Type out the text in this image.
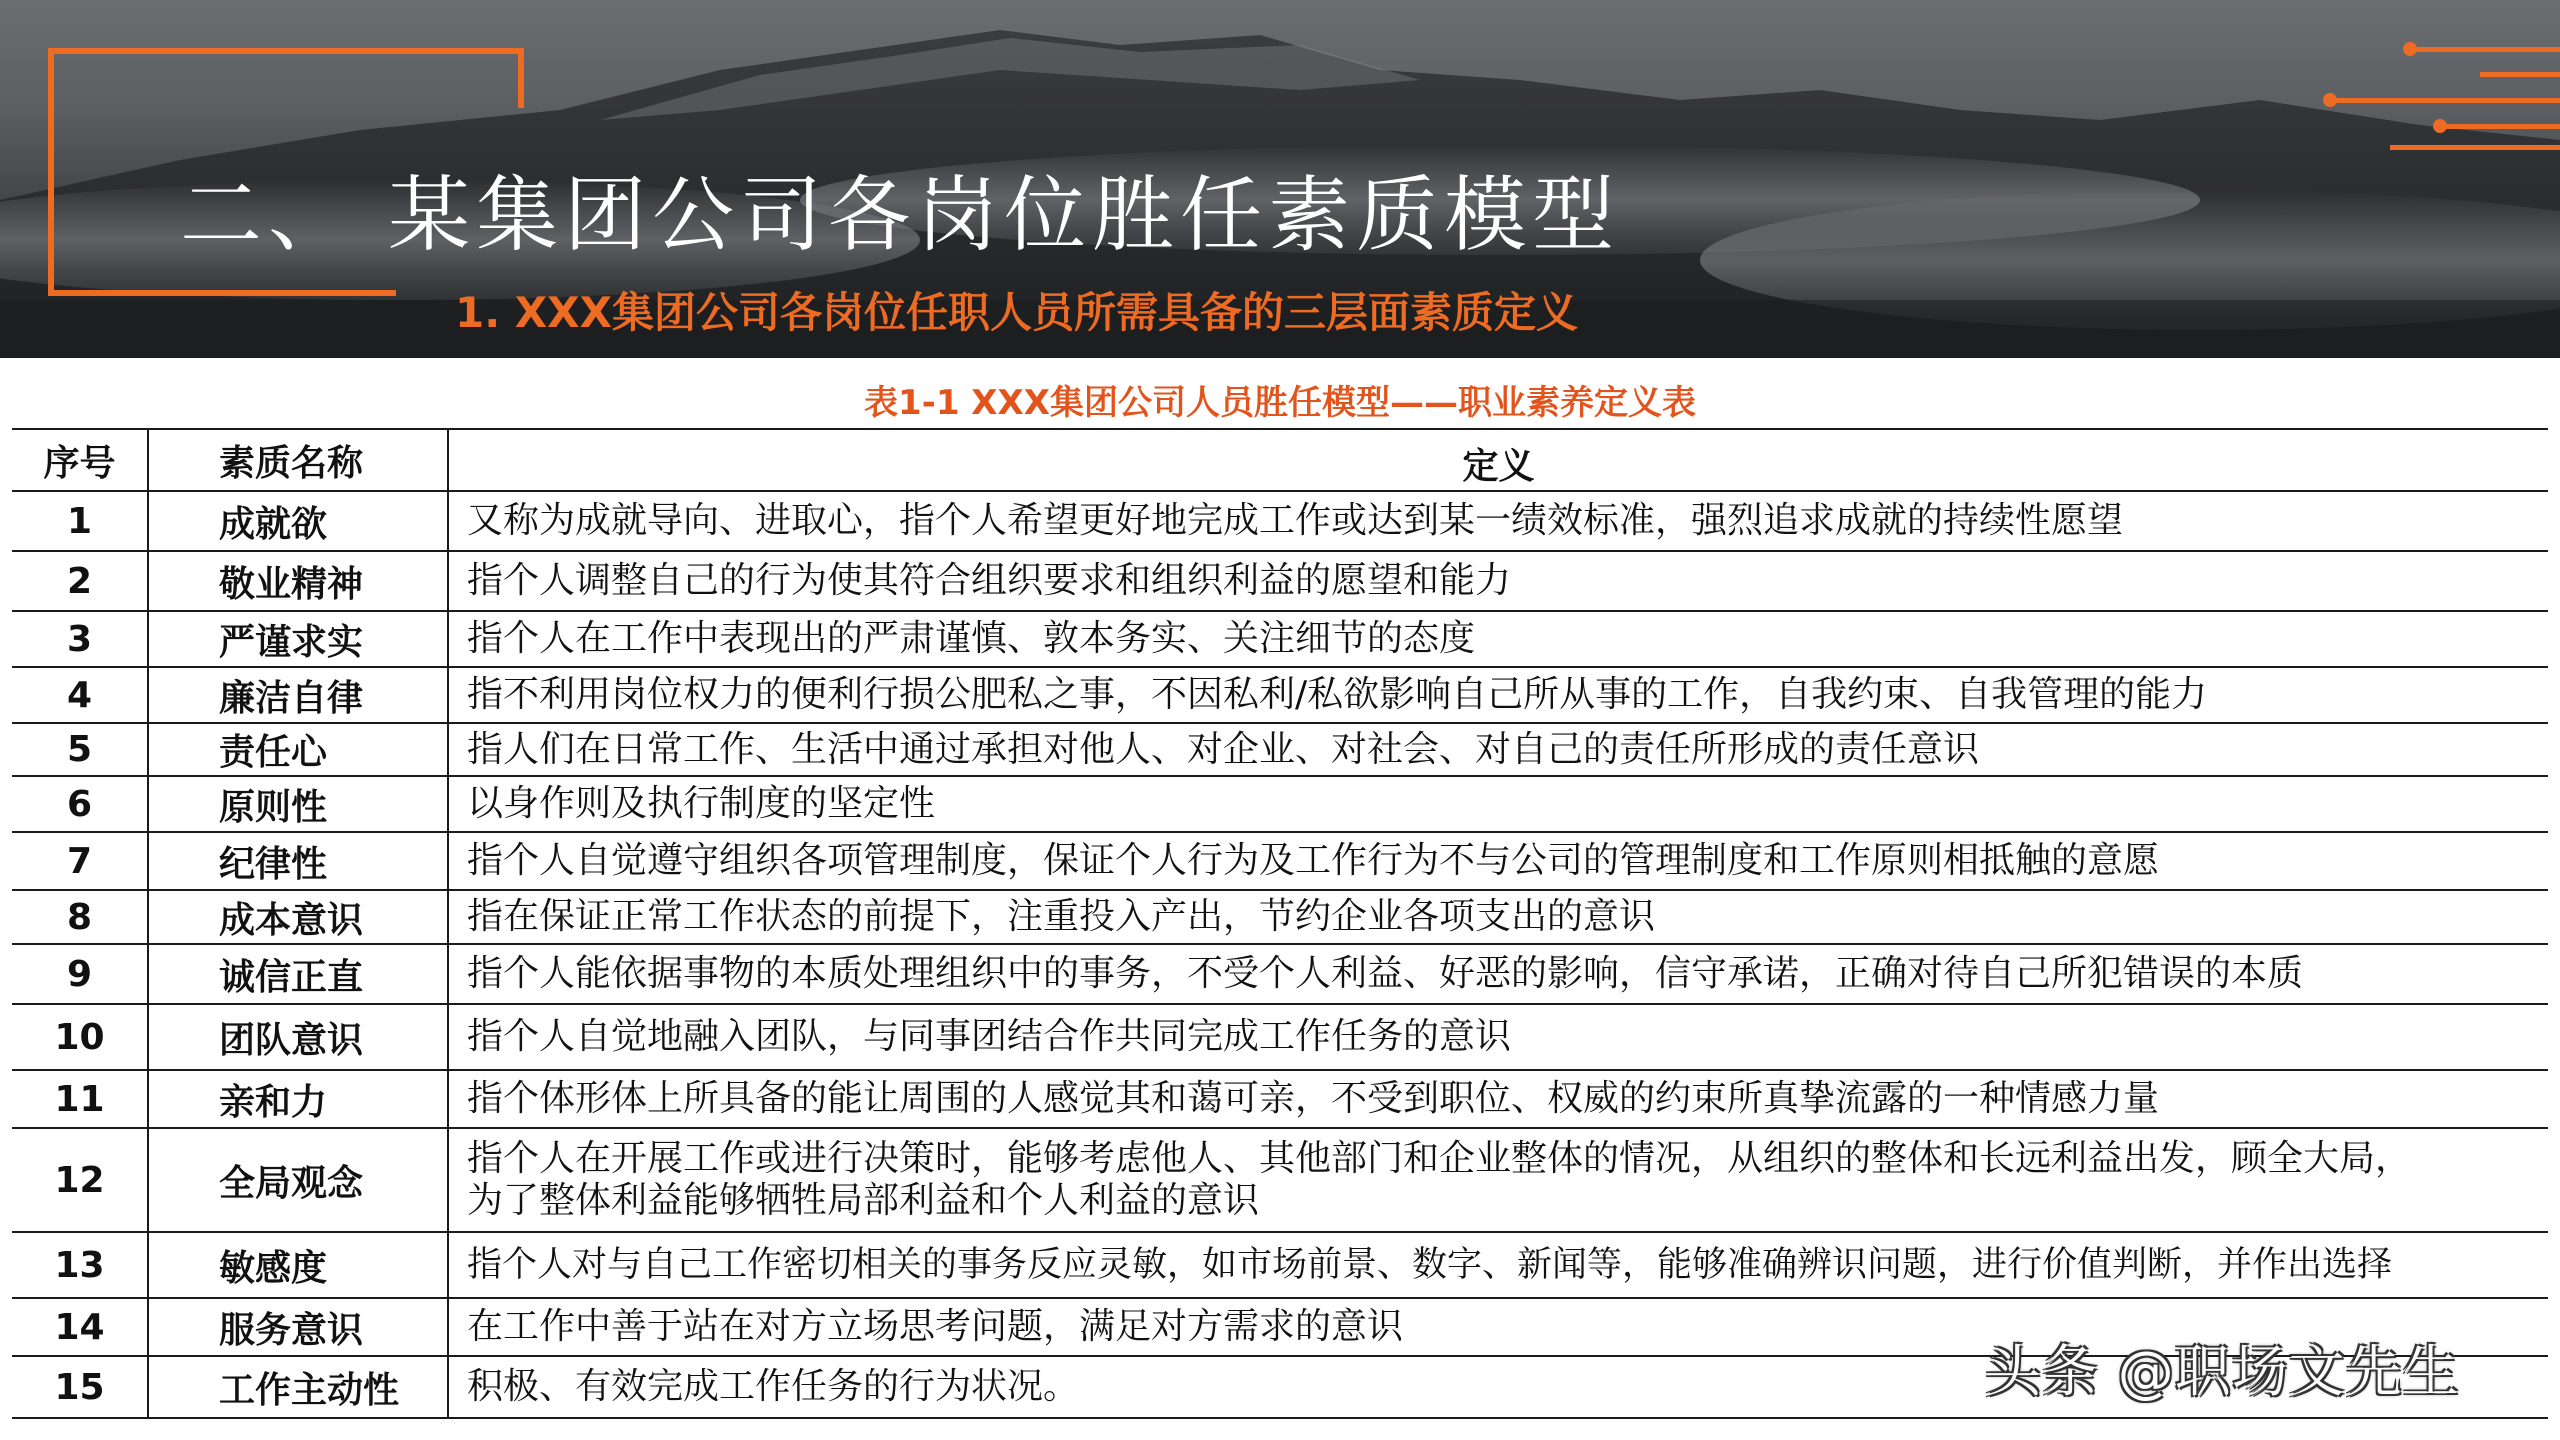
二、 某集团公司各岗位胜任素质模型
1. XXX集团公司各岗位任职人员所需具备的三层面素质定义
表1-1 XXX集团公司人员胜任模型——职业素养定义表
序号	素质名称	定义
1	成就欲	又称为成就导向、进取心，指个人希望更好地完成工作或达到某一绩效标准，强烈追求成就的持续性愿望
2	敬业精神	指个人调整自己的行为使其符合组织要求和组织利益的愿望和能力
3	严谨求实	指个人在工作中表现出的严肃谨慎、敦本务实、关注细节的态度
4	廉洁自律	指不利用岗位权力的便利行损公肥私之事，不因私利/私欲影响自己所从事的工作，自我约束、自我管理的能力
5	责任心	指人们在日常工作、生活中通过承担对他人、对企业、对社会、对自己的责任所形成的责任意识
6	原则性	以身作则及执行制度的坚定性
7	纪律性	指个人自觉遵守组织各项管理制度，保证个人行为及工作行为不与公司的管理制度和工作原则相抵触的意愿
8	成本意识	指在保证正常工作状态的前提下，注重投入产出，节约企业各项支出的意识
9	诚信正直	指个人能依据事物的本质处理组织中的事务，不受个人利益、好恶的影响，信守承诺，正确对待自己所犯错误的本质
10	团队意识	指个人自觉地融入团队，与同事团结合作共同完成工作任务的意识
11	亲和力	指个体形体上所具备的能让周围的人感觉其和蔼可亲，不受到职位、权威的约束所真挚流露的一种情感力量
12	全局观念	指个人在开展工作或进行决策时，能够考虑他人、其他部门和企业整体的情况，从组织的整体和长远利益出发，顾全大局，为了整体利益能够牺牲局部利益和个人利益的意识
13	敏感度	指个人对与自己工作密切相关的事务反应灵敏，如市场前景、数字、新闻等，能够准确辨识问题，进行价值判断，并作出选择
14	服务意识	在工作中善于站在对方立场思考问题，满足对方需求的意识
15	工作主动性	积极、有效完成工作任务的行为状况。	头条 @职场文先生
